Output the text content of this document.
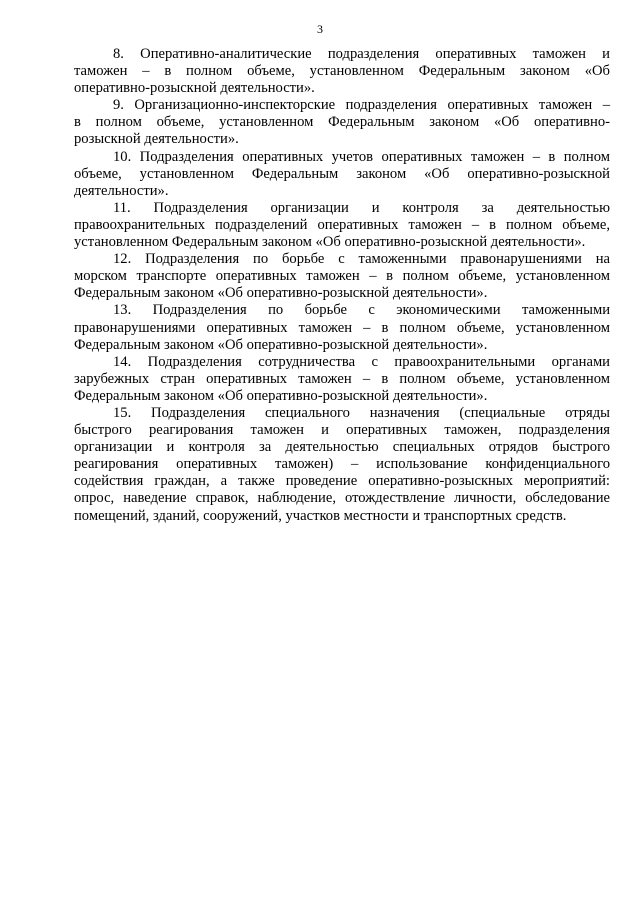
3

8. Оперативно-аналитические подразделения оперативных таможен и
таможен – в полном объеме, установленном Федеральным законом «Об
оперативно-розыскной деятельности».

9. Организационно-инспекторские подразделения оперативных таможен –
в полном объеме, установленном Федеральным законом «Об оперативно-
розыскной деятельности».

10. Подразделения оперативных учетов оперативных таможен – в полном
объеме, установленном Федеральным законом «Об оперативно-розыскной
деятельности».

11. Подразделения организации и контроля за деятельностью
правоохранительных подразделений оперативных таможен – в полном объеме,
установленном Федеральным законом «Об оперативно-розыскной деятельности».

12. Подразделения по борьбе с таможенными правонарушениями на
морском транспорте оперативных таможен – в полном объеме, установленном
Федеральным законом «Об оперативно-розыскной деятельности».

13. Подразделения по борьбе с экономическими таможенными
правонарушениями оперативных таможен – в полном объеме, установленном
Федеральным законом «Об оперативно-розыскной деятельности».

14. Подразделения сотрудничества с правоохранительными органами
зарубежных стран оперативных таможен – в полном объеме, установленном
Федеральным законом «Об оперативно-розыскной деятельности».

15. Подразделения специального назначения (специальные отряды
быстрого реагирования таможен и оперативных таможен, подразделения
организации и контроля за деятельностью специальных отрядов быстрого
реагирования оперативных таможен) – использование конфиденциального
содействия граждан, а также проведение оперативно-розыскных мероприятий:
опрос, наведение справок, наблюдение, отождествление личности, обследование
помещений, зданий, сооружений, участков местности и транспортных средств.
